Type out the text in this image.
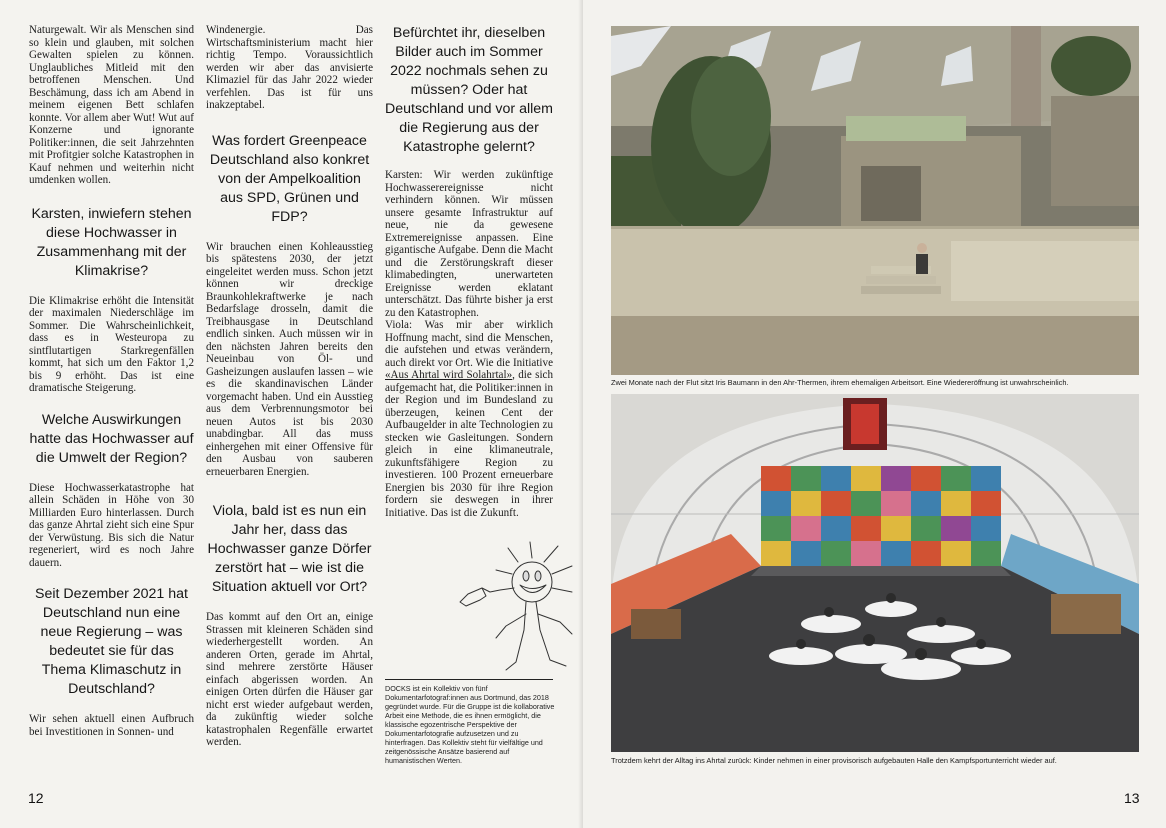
Naturgewalt. Wir als Menschen sind so klein und glauben, mit solchen Gewalten spielen zu können. Unglaubliches Mitleid mit den betroffenen Menschen. Und Beschämung, dass ich am Abend in meinem eigenen Bett schlafen konnte. Vor allem aber Wut! Wut auf Konzerne und ignorante Politiker:innen, die seit Jahrzehnten mit Profitgier solche Katastrophen in Kauf nehmen und weiterhin nicht umdenken wollen.

Karsten, inwiefern stehen diese Hochwasser in Zusammenhang mit der Klimakrise?

Die Klimakrise erhöht die Intensität der maximalen Niederschläge im Sommer. Die Wahrscheinlichkeit, dass es in Westeuropa zu sintflutartigen Starkregenfällen kommt, hat sich um den Faktor 1,2 bis 9 erhöht. Das ist eine dramatische Steigerung.

Welche Auswirkungen hatte das Hochwasser auf die Umwelt der Region?

Diese Hochwasserkatastrophe hat allein Schäden in Höhe von 30 Milliarden Euro hinterlassen. Durch das ganze Ahrtal zieht sich eine Spur der Verwüstung. Bis sich die Natur regeneriert, wird es noch Jahre dauern.

Seit Dezember 2021 hat Deutschland nun eine neue Regierung – was bedeutet sie für das Thema Klimaschutz in Deutschland?

Wir sehen aktuell einen Aufbruch bei Investitionen in Sonnen- und

Windenergie. Das Wirtschaftsministerium macht hier richtig Tempo. Voraussichtlich werden wir aber das anvisierte Klimaziel für das Jahr 2022 wieder verfehlen. Das ist für uns inakzeptabel.

Was fordert Greenpeace Deutschland also konkret von der Ampelkoalition aus SPD, Grünen und FDP?

Wir brauchen einen Kohleausstieg bis spätestens 2030, der jetzt eingeleitet werden muss. Schon jetzt können wir dreckige Braunkohlekraftwerke je nach Bedarfslage drosseln, damit die Treibhausgase in Deutschland endlich sinken. Auch müssen wir in den nächsten Jahren bereits den Neueinbau von Öl- und Gasheizungen auslaufen lassen – wie es die skandinavischen Länder vorgemacht haben. Und ein Ausstieg aus dem Verbrennungsmotor bei neuen Autos ist bis 2030 unabdingbar. All das muss einhergehen mit einer Offensive für den Ausbau von sauberen erneuerbaren Energien.

Viola, bald ist es nun ein Jahr her, dass das Hochwasser ganze Dörfer zerstört hat – wie ist die Situation aktuell vor Ort?

Das kommt auf den Ort an, einige Strassen mit kleineren Schäden sind wiederhergestellt worden. An anderen Orten, gerade im Ahrtal, sind mehrere zerstörte Häuser einfach abgerissen worden. An einigen Orten dürfen die Häuser gar nicht erst wieder aufgebaut werden, da zukünftig wieder solche katastrophalen Regenfälle erwartet werden.

Befürchtet ihr, dieselben Bilder auch im Sommer 2022 nochmals sehen zu müssen? Oder hat Deutschland und vor allem die Regierung aus der Katastrophe gelernt?

Karsten: Wir werden zukünftige Hochwasserereignisse nicht verhindern können. Wir müssen unsere gesamte Infrastruktur auf neue, nie da gewesene Extremereignisse anpassen. Eine gigantische Aufgabe. Denn die Macht und die Zerstörungskraft dieser klimabedingten, unerwarteten Ereignisse werden eklatant unterschätzt. Das führte bisher ja erst zu den Katastrophen.

Viola: Was mir aber wirklich Hoffnung macht, sind die Menschen, die aufstehen und etwas verändern, auch direkt vor Ort. Wie die Initiative «Aus Ahrtal wird Solahrtal», die sich aufgemacht hat, die Politiker:innen in der Region und im Bundesland zu überzeugen, keinen Cent der Aufbaugelder in alte Technologien zu stecken wie Gasleitungen. Sondern gleich in eine klimaneutrale, zukunftsfähigere Region zu investieren. 100 Prozent erneuerbare Energien bis 2030 für ihre Region fordern sie deswegen in ihrer Initiative. Das ist die Zukunft.

DOCKS ist ein Kollektiv von fünf Dokumentarfotograf:innen aus Dortmund, das 2018 gegründet wurde. Für die Gruppe ist die kollaborative Arbeit eine Methode, die es ihnen ermöglicht, die klassische egozentrische Perspektive der Dokumentarfotografie aufzusetzen und zu hinterfragen. Das Kollektiv steht für vielfältige und zeitgenössische Ansätze basierend auf humanistischen Werten.
12
Zwei Monate nach der Flut sitzt Iris Baumann in den Ahr-Thermen, ihrem ehemaligen Arbeitsort. Eine Wiedereröffnung ist unwahrscheinlich.
Trotzdem kehrt der Alltag ins Ahrtal zurück: Kinder nehmen in einer provisorisch aufgebauten Halle den Kampfsportunterricht wieder auf.
13
